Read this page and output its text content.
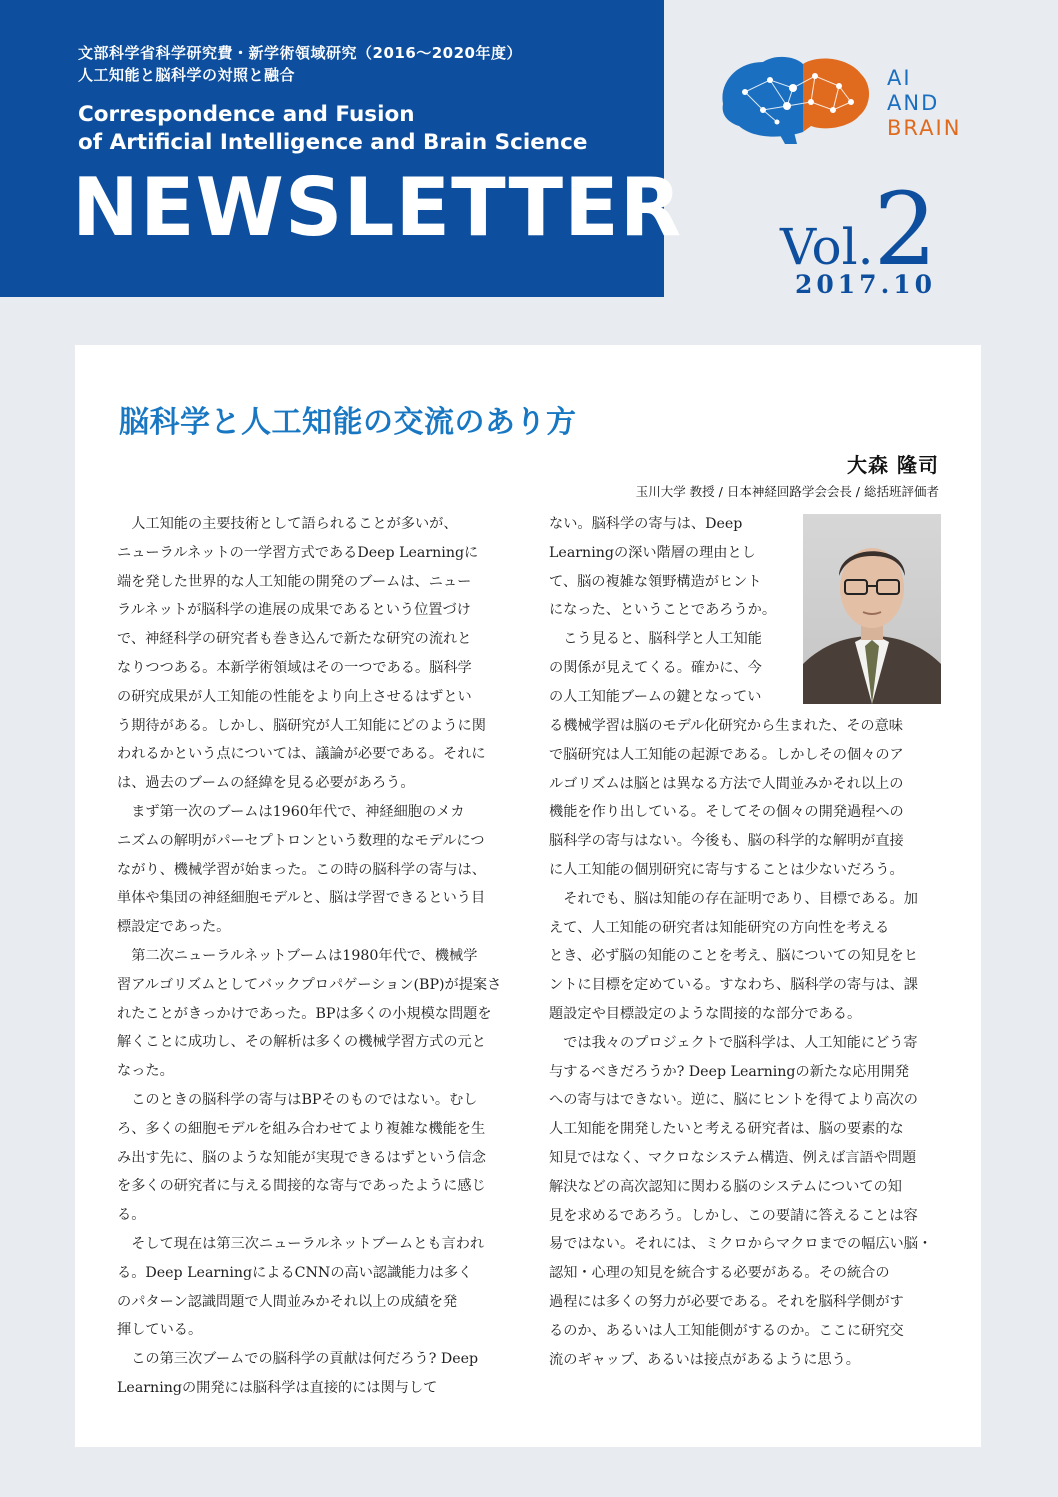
文部科学省科学研究費・新学術領域研究（2016～2020年度）
人工知能と脳科学の対照と融合
Correspondence and Fusion
of Artificial Intelligence and Brain Science
NEWSLETTER
AI
AND
BRAIN
Vol.2
2017.10
脳科学と人工知能の交流のあり方
大森 隆司
玉川大学 教授 / 日本神経回路学会会長 / 総括班評価者

　人工知能の主要技術として語られることが多いが、

ニューラルネットの一学習方式であるDeep Learningに

端を発した世界的な人工知能の開発のブームは、ニュー

ラルネットが脳科学の進展の成果であるという位置づけ

で、神経科学の研究者も巻き込んで新たな研究の流れと

なりつつある。本新学術領域はその一つである。脳科学

の研究成果が人工知能の性能をより向上させるはずとい

う期待がある。しかし、脳研究が人工知能にどのように関

われるかという点については、議論が必要である。それに

は、過去のブームの経緯を見る必要があろう。

　まず第一次のブームは1960年代で、神経細胞のメカ

ニズムの解明がパーセプトロンという数理的なモデルにつ

ながり、機械学習が始まった。この時の脳科学の寄与は、

単体や集団の神経細胞モデルと、脳は学習できるという目

標設定であった。

　第二次ニューラルネットブームは1980年代で、機械学

習アルゴリズムとしてバックプロパゲーション(BP)が提案さ

れたことがきっかけであった。BPは多くの小規模な問題を

解くことに成功し、その解析は多くの機械学習方式の元と

なった。

　このときの脳科学の寄与はBPそのものではない。むし

ろ、多くの細胞モデルを組み合わせてより複雑な機能を生

み出す先に、脳のような知能が実現できるはずという信念

を多くの研究者に与える間接的な寄与であったように感じ

る。

　そして現在は第三次ニューラルネットブームとも言われ

る。Deep LearningによるCNNの高い認識能力は多く

のパターン認識問題で人間並みかそれ以上の成績を発

揮している。

　この第三次ブームでの脳科学の貢献は何だろう? Deep

Learningの開発には脳科学は直接的には関与して

ない。脳科学の寄与は、Deep

Learningの深い階層の理由とし

て、脳の複雑な領野構造がヒント

になった、ということであろうか。

　こう見ると、脳科学と人工知能

の関係が見えてくる。確かに、今

の人工知能ブームの鍵となってい

る機械学習は脳のモデル化研究から生まれた、その意味

で脳研究は人工知能の起源である。しかしその個々のア

ルゴリズムは脳とは異なる方法で人間並みかそれ以上の

機能を作り出している。そしてその個々の開発過程への

脳科学の寄与はない。今後も、脳の科学的な解明が直接

に人工知能の個別研究に寄与することは少ないだろう。

　それでも、脳は知能の存在証明であり、目標である。加

えて、人工知能の研究者は知能研究の方向性を考える

とき、必ず脳の知能のことを考え、脳についての知見をヒ

ントに目標を定めている。すなわち、脳科学の寄与は、課

題設定や目標設定のような間接的な部分である。

　では我々のプロジェクトで脳科学は、人工知能にどう寄

与するべきだろうか? Deep Learningの新たな応用開発

への寄与はできない。逆に、脳にヒントを得てより高次の

人工知能を開発したいと考える研究者は、脳の要素的な

知見ではなく、マクロなシステム構造、例えば言語や問題

解決などの高次認知に関わる脳のシステムについての知

見を求めるであろう。しかし、この要請に答えることは容

易ではない。それには、ミクロからマクロまでの幅広い脳・

認知・心理の知見を統合する必要がある。その統合の

過程には多くの努力が必要である。それを脳科学側がす

るのか、あるいは人工知能側がするのか。ここに研究交

流のギャップ、あるいは接点があるように思う。
